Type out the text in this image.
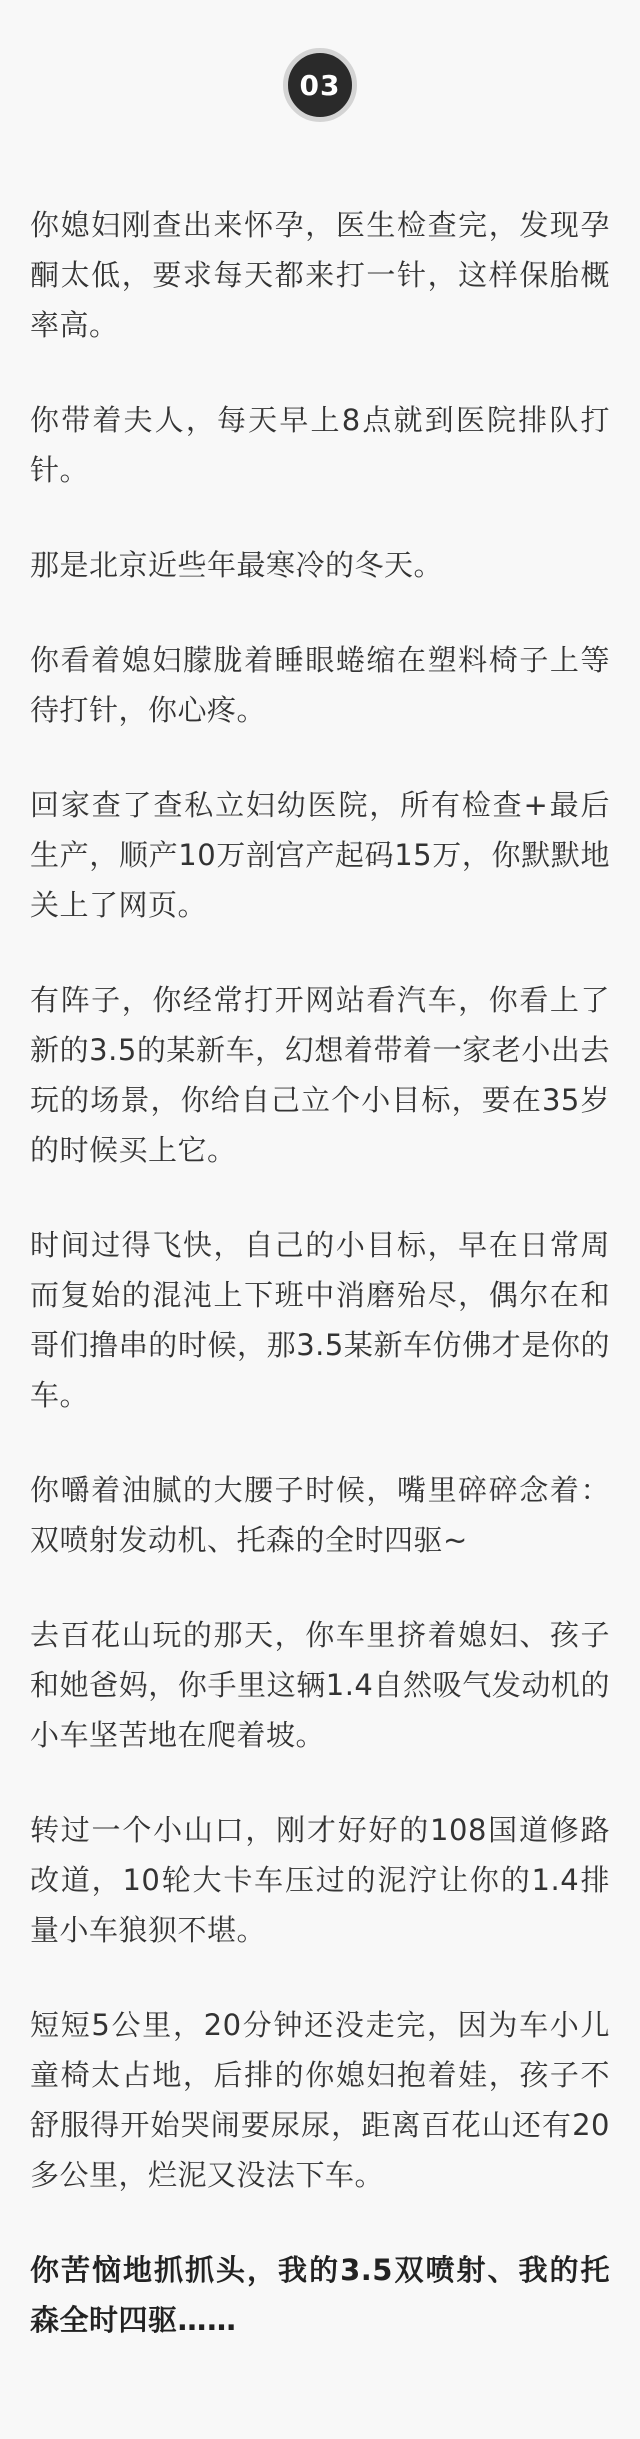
03

你媳妇刚查出来怀孕，医生检查完，发现孕酮太低，要求每天都来打一针，这样保胎概率高。

你带着夫人，每天早上8点就到医院排队打针。

那是北京近些年最寒冷的冬天。

你看着媳妇朦胧着睡眼蜷缩在塑料椅子上等待打针，你心疼。

回家查了查私立妇幼医院，所有检查+最后生产，顺产10万剖宫产起码15万，你默默地关上了网页。

有阵子，你经常打开网站看汽车，你看上了新的3.5的某新车，幻想着带着一家老小出去玩的场景，你给自己立个小目标，要在35岁的时候买上它。

时间过得飞快，自己的小目标，早在日常周而复始的混沌上下班中消磨殆尽，偶尔在和哥们撸串的时候，那3.5某新车仿佛才是你的车。

你嚼着油腻的大腰子时候，嘴里碎碎念着：双喷射发动机、托森的全时四驱~

去百花山玩的那天，你车里挤着媳妇、孩子和她爸妈，你手里这辆1.4自然吸气发动机的小车坚苦地在爬着坡。

转过一个小山口，刚才好好的108国道修路改道，10轮大卡车压过的泥泞让你的1.4排量小车狼狈不堪。

短短5公里，20分钟还没走完，因为车小儿童椅太占地，后排的你媳妇抱着娃，孩子不舒服得开始哭闹要尿尿，距离百花山还有20多公里，烂泥又没法下车。

你苦恼地抓抓头，我的3.5双喷射、我的托森全时四驱……
